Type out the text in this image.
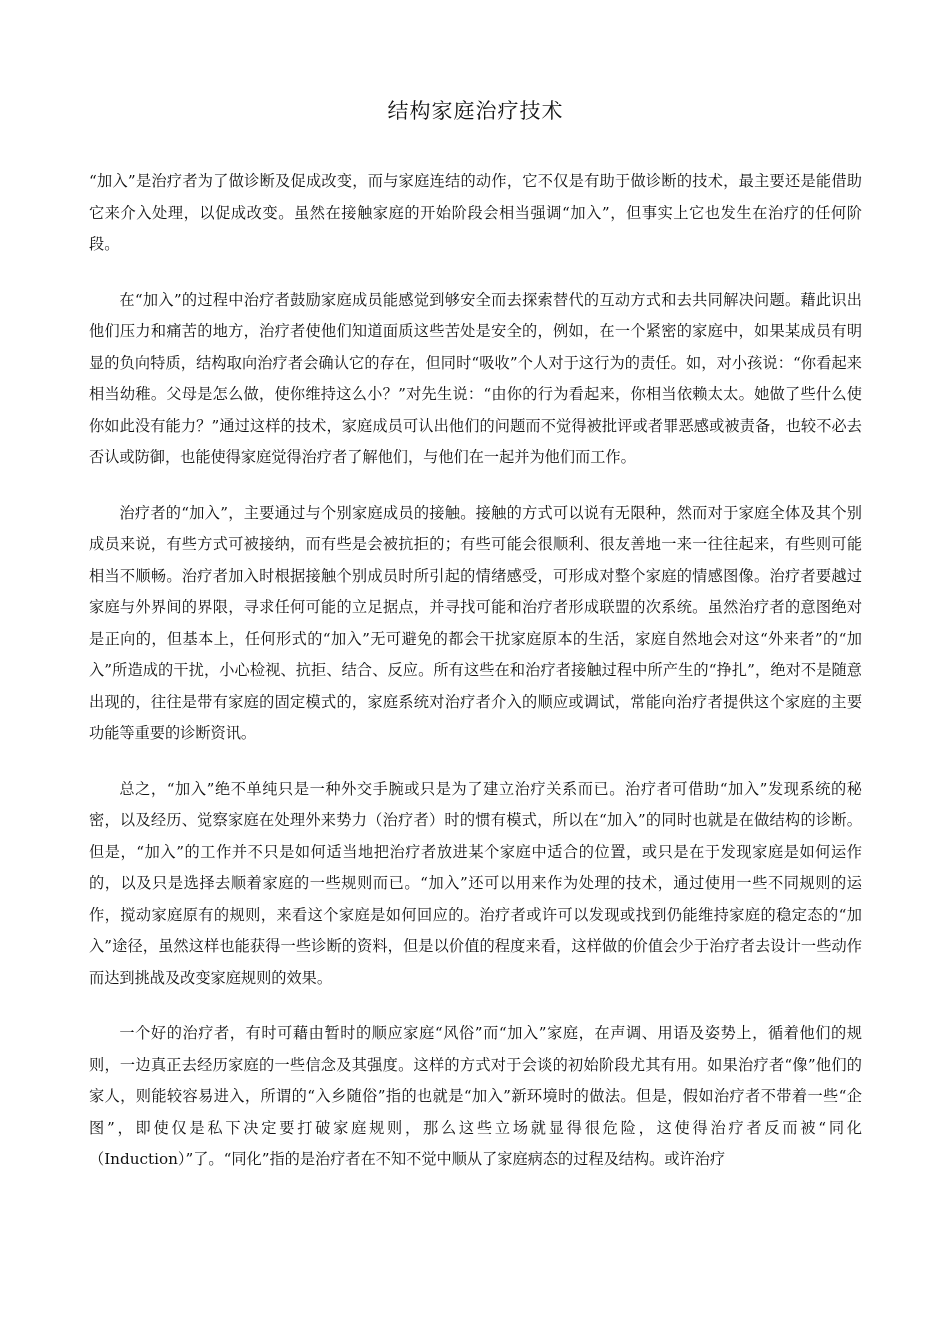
结构家庭治疗技术

“加入”是治疗者为了做诊断及促成改变，而与家庭连结的动作，它不仅是有助于做诊断的技术，最主要还是能借助它来介入处理，以促成改变。虽然在接触家庭的开始阶段会相当强调“加入”，但事实上它也发生在治疗的任何阶段。

在“加入”的过程中治疗者鼓励家庭成员能感觉到够安全而去探索替代的互动方式和去共同解决问题。藉此识出他们压力和痛苦的地方，治疗者使他们知道面质这些苦处是安全的，例如，在一个紧密的家庭中，如果某成员有明显的负向特质，结构取向治疗者会确认它的存在，但同时“吸收”个人对于这行为的责任。如，对小孩说：“你看起来相当幼稚。父母是怎么做，使你维持这么小？”对先生说：“由你的行为看起来，你相当依赖太太。她做了些什么使你如此没有能力？”通过这样的技术，家庭成员可认出他们的问题而不觉得被批评或者罪恶感或被责备，也较不必去否认或防御，也能使得家庭觉得治疗者了解他们，与他们在一起并为他们而工作。

治疗者的“加入”，主要通过与个别家庭成员的接触。接触的方式可以说有无限种，然而对于家庭全体及其个别成员来说，有些方式可被接纳，而有些是会被抗拒的；有些可能会很顺利、很友善地一来一往往起来，有些则可能相当不顺畅。治疗者加入时根据接触个别成员时所引起的情绪感受，可形成对整个家庭的情感图像。治疗者要越过家庭与外界间的界限，寻求任何可能的立足据点，并寻找可能和治疗者形成联盟的次系统。虽然治疗者的意图绝对是正向的，但基本上，任何形式的“加入”无可避免的都会干扰家庭原本的生活，家庭自然地会对这“外来者”的“加入”所造成的干扰，小心检视、抗拒、结合、反应。所有这些在和治疗者接触过程中所产生的“挣扎”，绝对不是随意出现的，往往是带有家庭的固定模式的，家庭系统对治疗者介入的顺应或调试，常能向治疗者提供这个家庭的主要功能等重要的诊断资讯。

总之，“加入”绝不单纯只是一种外交手腕或只是为了建立治疗关系而已。治疗者可借助“加入”发现系统的秘密，以及经历、觉察家庭在处理外来势力（治疗者）时的惯有模式，所以在“加入”的同时也就是在做结构的诊断。但是，“加入”的工作并不只是如何适当地把治疗者放进某个家庭中适合的位置，或只是在于发现家庭是如何运作的，以及只是选择去顺着家庭的一些规则而已。“加入”还可以用来作为处理的技术，通过使用一些不同规则的运作，搅动家庭原有的规则，来看这个家庭是如何回应的。治疗者或许可以发现或找到仍能维持家庭的稳定态的“加入”途径，虽然这样也能获得一些诊断的资料，但是以价值的程度来看，这样做的价值会少于治疗者去设计一些动作而达到挑战及改变家庭规则的效果。

一个好的治疗者，有时可藉由暂时的顺应家庭“风俗”而“加入”家庭，在声调、用语及姿势上，循着他们的规则，一边真正去经历家庭的一些信念及其强度。这样的方式对于会谈的初始阶段尤其有用。如果治疗者“像”他们的家人，则能较容易进入，所谓的“入乡随俗”指的也就是“加入”新环境时的做法。但是，假如治疗者不带着一些“企图”，即使仅是私下决定要打破家庭规则，那么这些立场就显得很危险，这使得治疗者反而被“同化（Induction）”了。“同化”指的是治疗者在不知不觉中顺从了家庭病态的过程及结构。或许治疗
